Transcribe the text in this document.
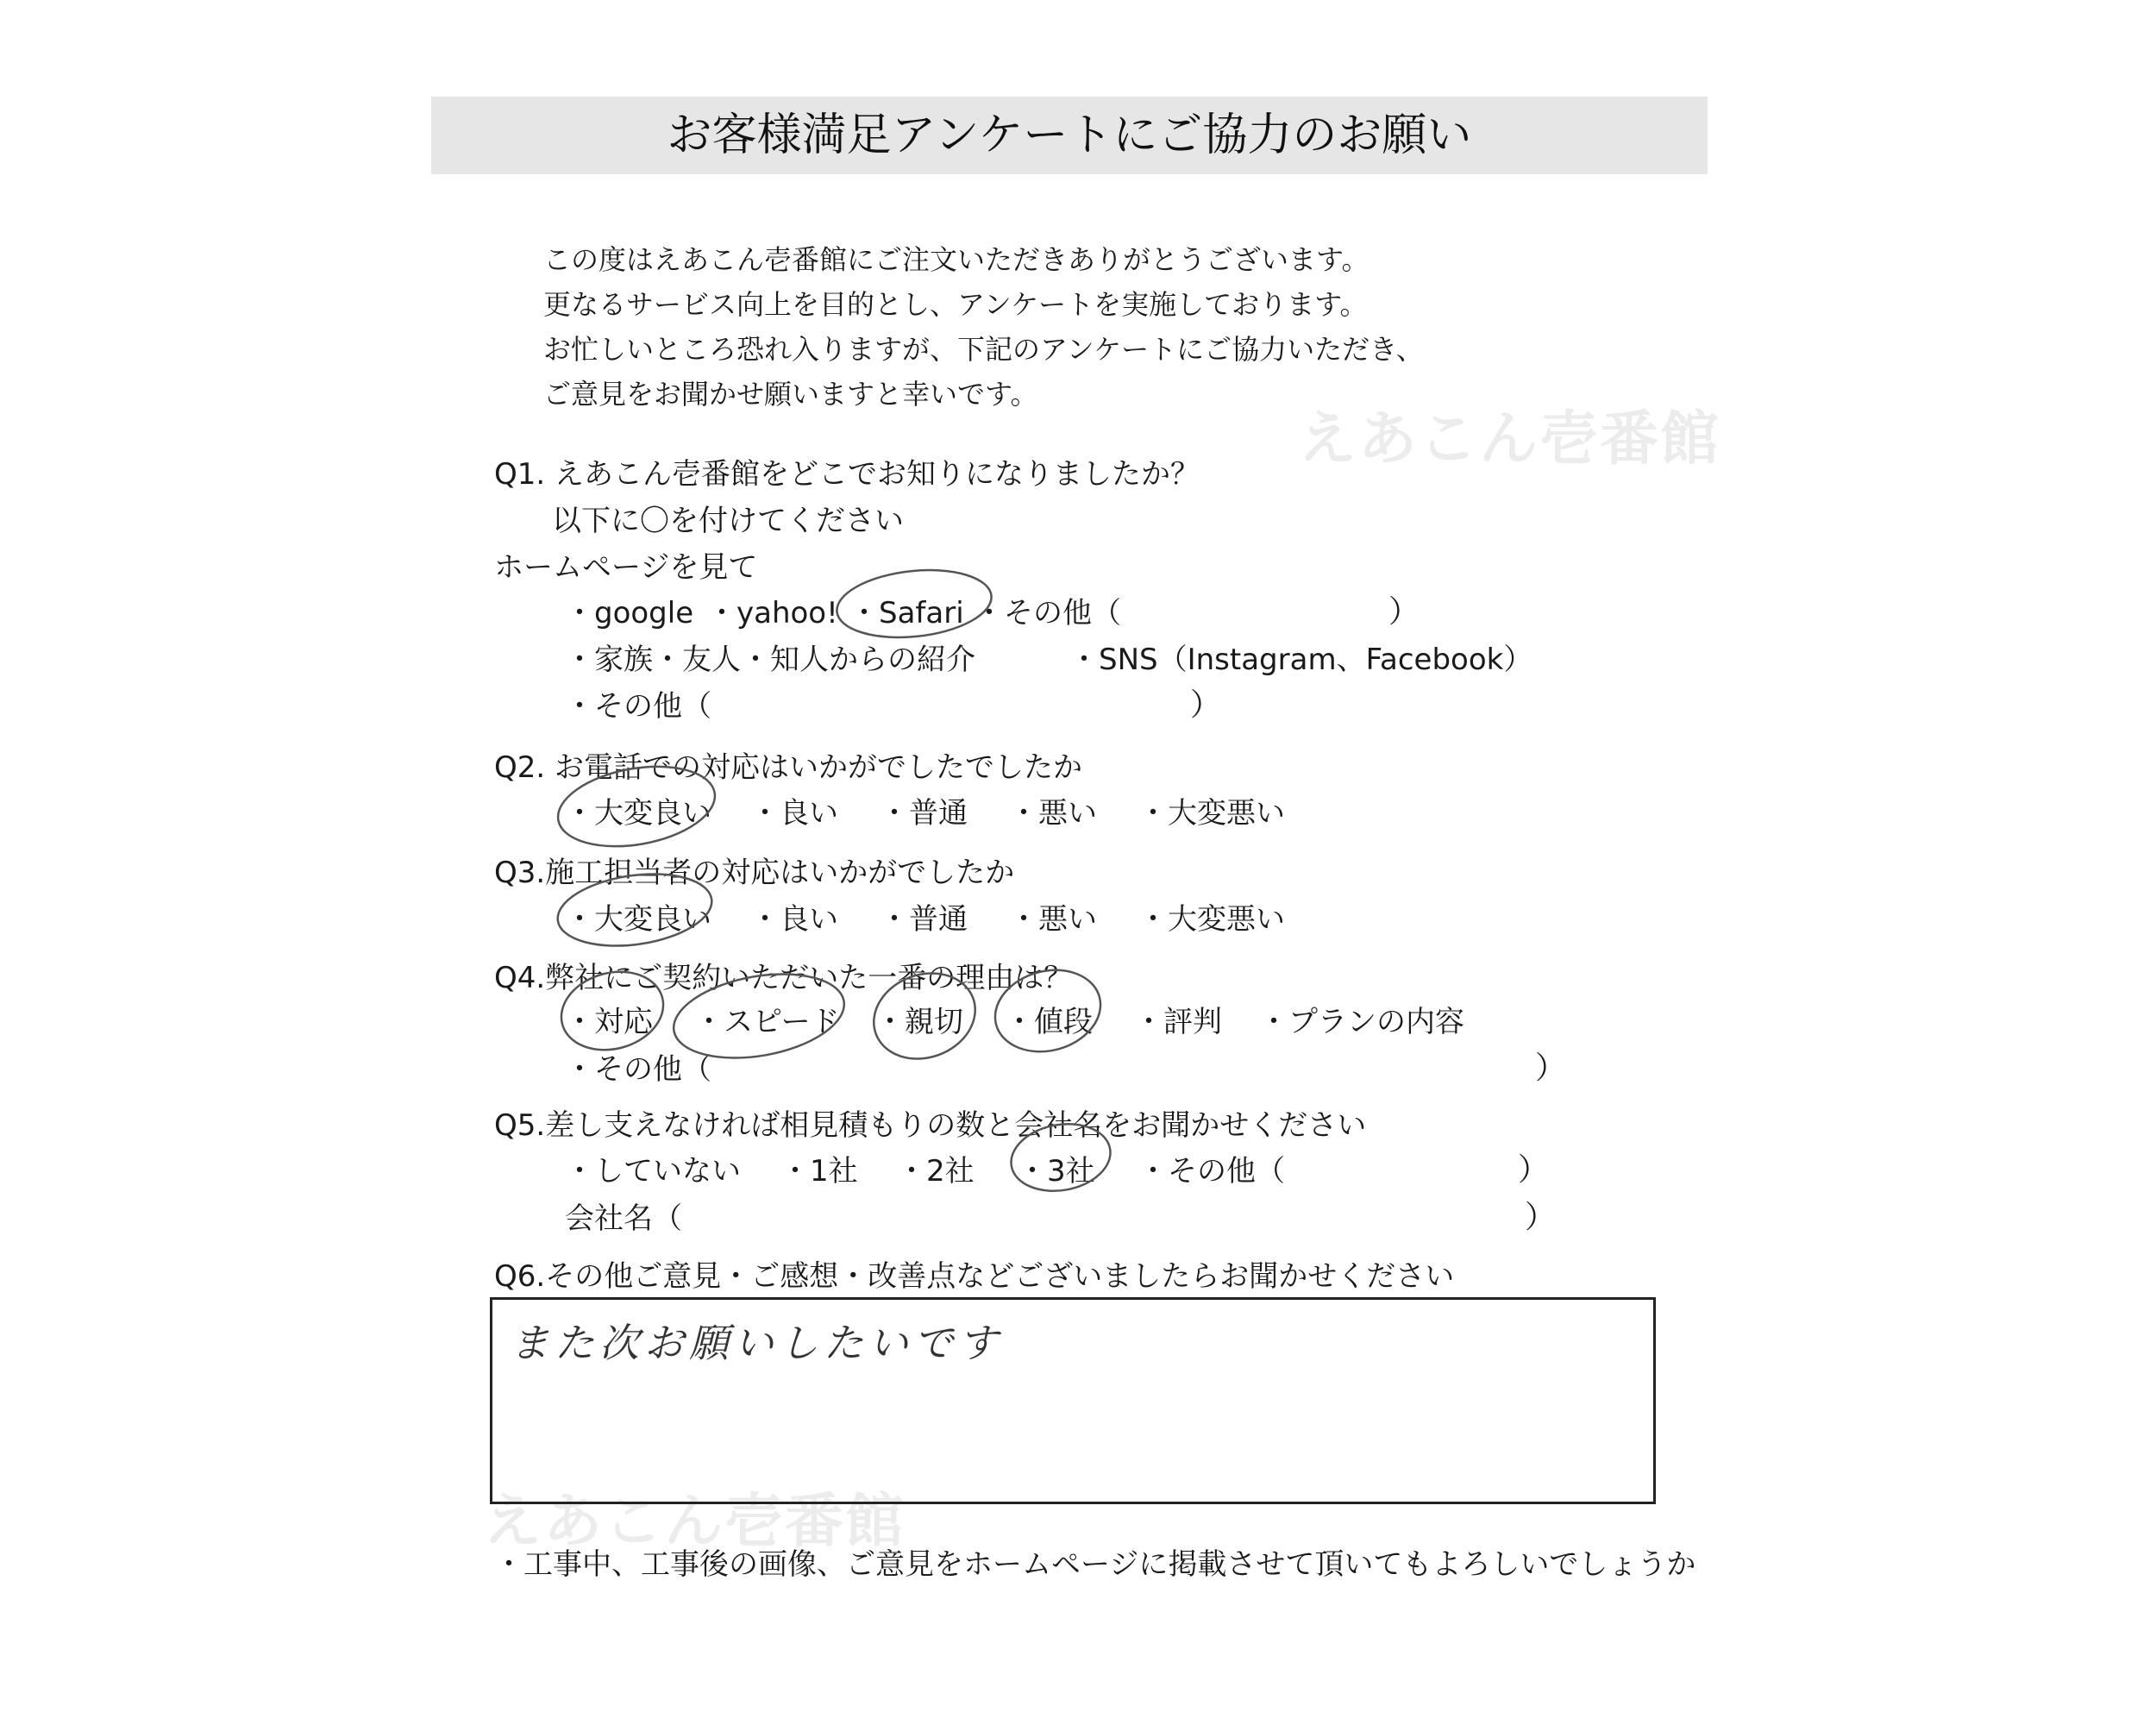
お客様満足アンケートにご協力のお願い
この度はえあこん壱番館にご注文いただきありがとうございます。
更なるサービス向上を目的とし、アンケートを実施しております。
お忙しいところ恐れ入りますが、下記のアンケートにご協力いただき、
ご意見をお聞かせ願いますと幸いです。
えあこん壱番館
えあこん壱番館
Q1. えあこん壱番館をどこでお知りになりましたか？
以下に〇を付けてください
ホームページを見て
・google ・yahoo! ・Safari ・その他（	）
・家族・友人・知人からの紹介	・SNS（Instagram、Facebook）
・その他（	）
Q2. お電話での対応はいかがでしたでしたか
・大変良い ・良い ・普通 ・悪い ・大変悪い
Q3.施工担当者の対応はいかがでしたか
・大変良い ・良い ・普通 ・悪い ・大変悪い
Q4.弊社にご契約いただいた一番の理由は？
・対応 ・スピード ・親切 ・値段 ・評判 ・プランの内容
・その他（	）
Q5.差し支えなければ相見積もりの数と会社名をお聞かせください
・していない ・1社 ・2社 ・3社 ・その他（	）
会社名（	）
Q6.その他ご意見・ご感想・改善点などございましたらお聞かせください
また次お願いしたいです
・工事中、工事後の画像、ご意見をホームページに掲載させて頂いてもよろしいでしょうか
